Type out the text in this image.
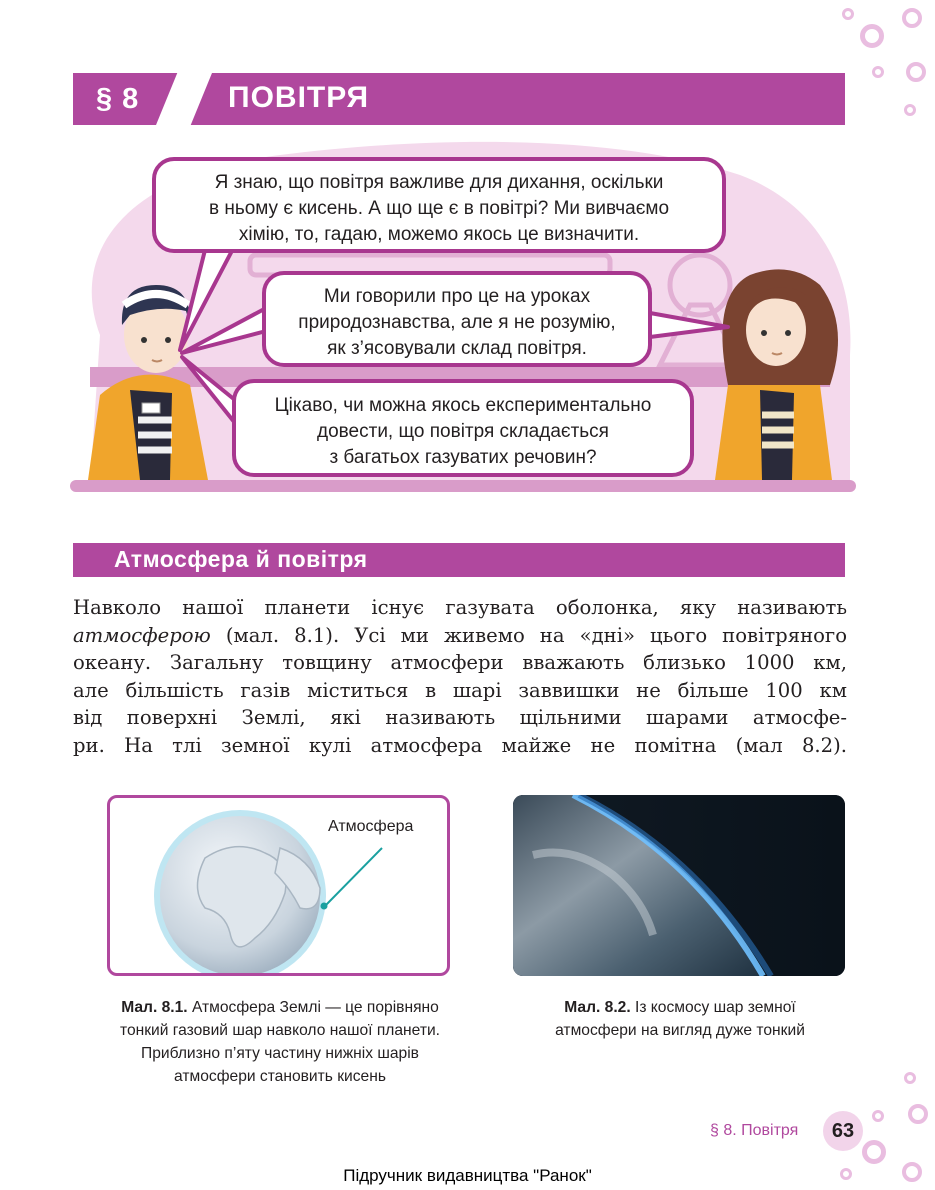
§ 8	ПОВІТРЯ
Я знаю, що повітря важливе для дихання, оскільки
в ньому є кисень. А що ще є в повітрі? Ми вивчаємо
хімію, то, гадаю, можемо якось це визначити.
Ми говорили про це на уроках
природознавства, але я не розумію,
як з’ясовували склад повітря.
Цікаво, чи можна якось експериментально
довести, що повітря складається
з багатьох газуватих речовин?
Атмосфера й повітря
Навколо нашої планети існує газувата оболонка, яку називають
атмосферою (мал. 8.1). Усі ми живемо на «дні» цього повітряного
океану. Загальну товщину атмосфери вважають близько 1000 км,
але більшість газів міститься в шарі заввишки не більше 100 км
від поверхні Землі, які називають щільними шарами атмосфе-
ри. На тлі земної кулі атмосфера майже не помітна (мал 8.2).
Атмосфера
Мал. 8.1. Атмосфера Землі — це порівняно
тонкий газовий шар навколо нашої планети.
Приблизно п’яту частину нижніх шарів
атмосфери становить кисень
Мал. 8.2. Із космосу шар земної
атмосфери на вигляд дуже тонкий
§ 8. Повітря	63
Підручник видавництва "Ранок"
